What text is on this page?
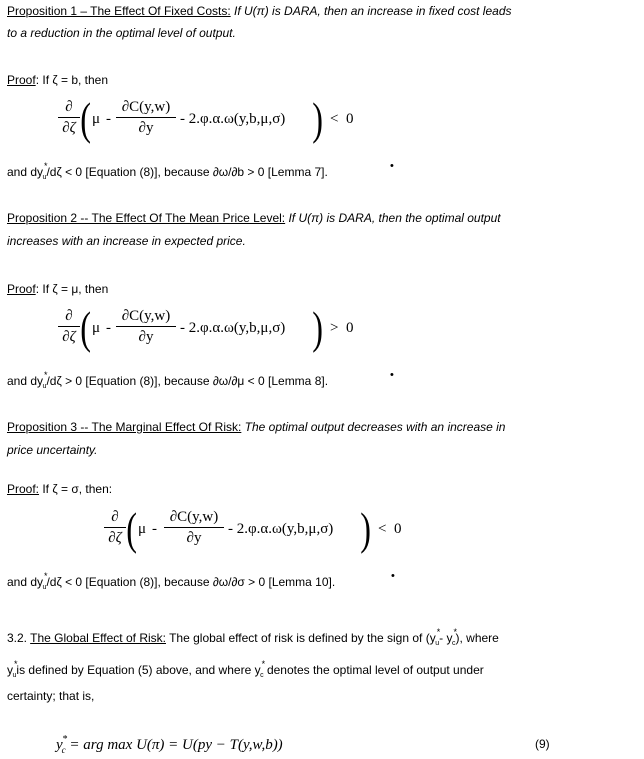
Proposition 1 – The Effect Of Fixed Costs: If U(π) is DARA, then an increase in fixed cost leads
to a reduction in the optimal level of output.
Proof: If ζ = b, then
∂
∂ζ ( μ -
∂C(y,w)
∂y
- 2.φ.α.ω(y,b,μ,σ) ) < 0
and $dy^*_u/d\zeta < 0$ [Equation (8)], because ∂ω/∂b > 0 [Lemma 7].	•
Proposition 2 -- The Effect Of The Mean Price Level: If U(π) is DARA, then the optimal output
increases with an increase in expected price.
Proof: If ζ = μ, then
∂
∂ζ ( μ -
∂C(y,w)
∂y
- 2.φ.α.ω(y,b,μ,σ) ) > 0
and $dy^*_u/d\zeta > 0$ [Equation (8)], because ∂ω/∂μ < 0 [Lemma 8].	•
Proposition 3 -- The Marginal Effect Of Risk: The optimal output decreases with an increase in
price uncertainty.
Proof: If ζ = σ, then:
∂
∂ζ ( μ -
∂C(y,w)
∂y
- 2.φ.α.ω(y,b,μ,σ) ) < 0
and $dy^*_u/d\zeta < 0$ [Equation (8)], because ∂ω/∂σ > 0 [Lemma 10].	•
3.2. The Global Effect of Risk: The global effect of risk is defined by the sign of ($y^*_u-$ $y^*_c$), where
$y^*_uis$ defined by Equation (5) above, and where $y^*_c$ denotes the optimal level of output under
certainty; that is,
$y^*_c$ = arg max U(π) = U(py − T(y,w,b))	(9)
